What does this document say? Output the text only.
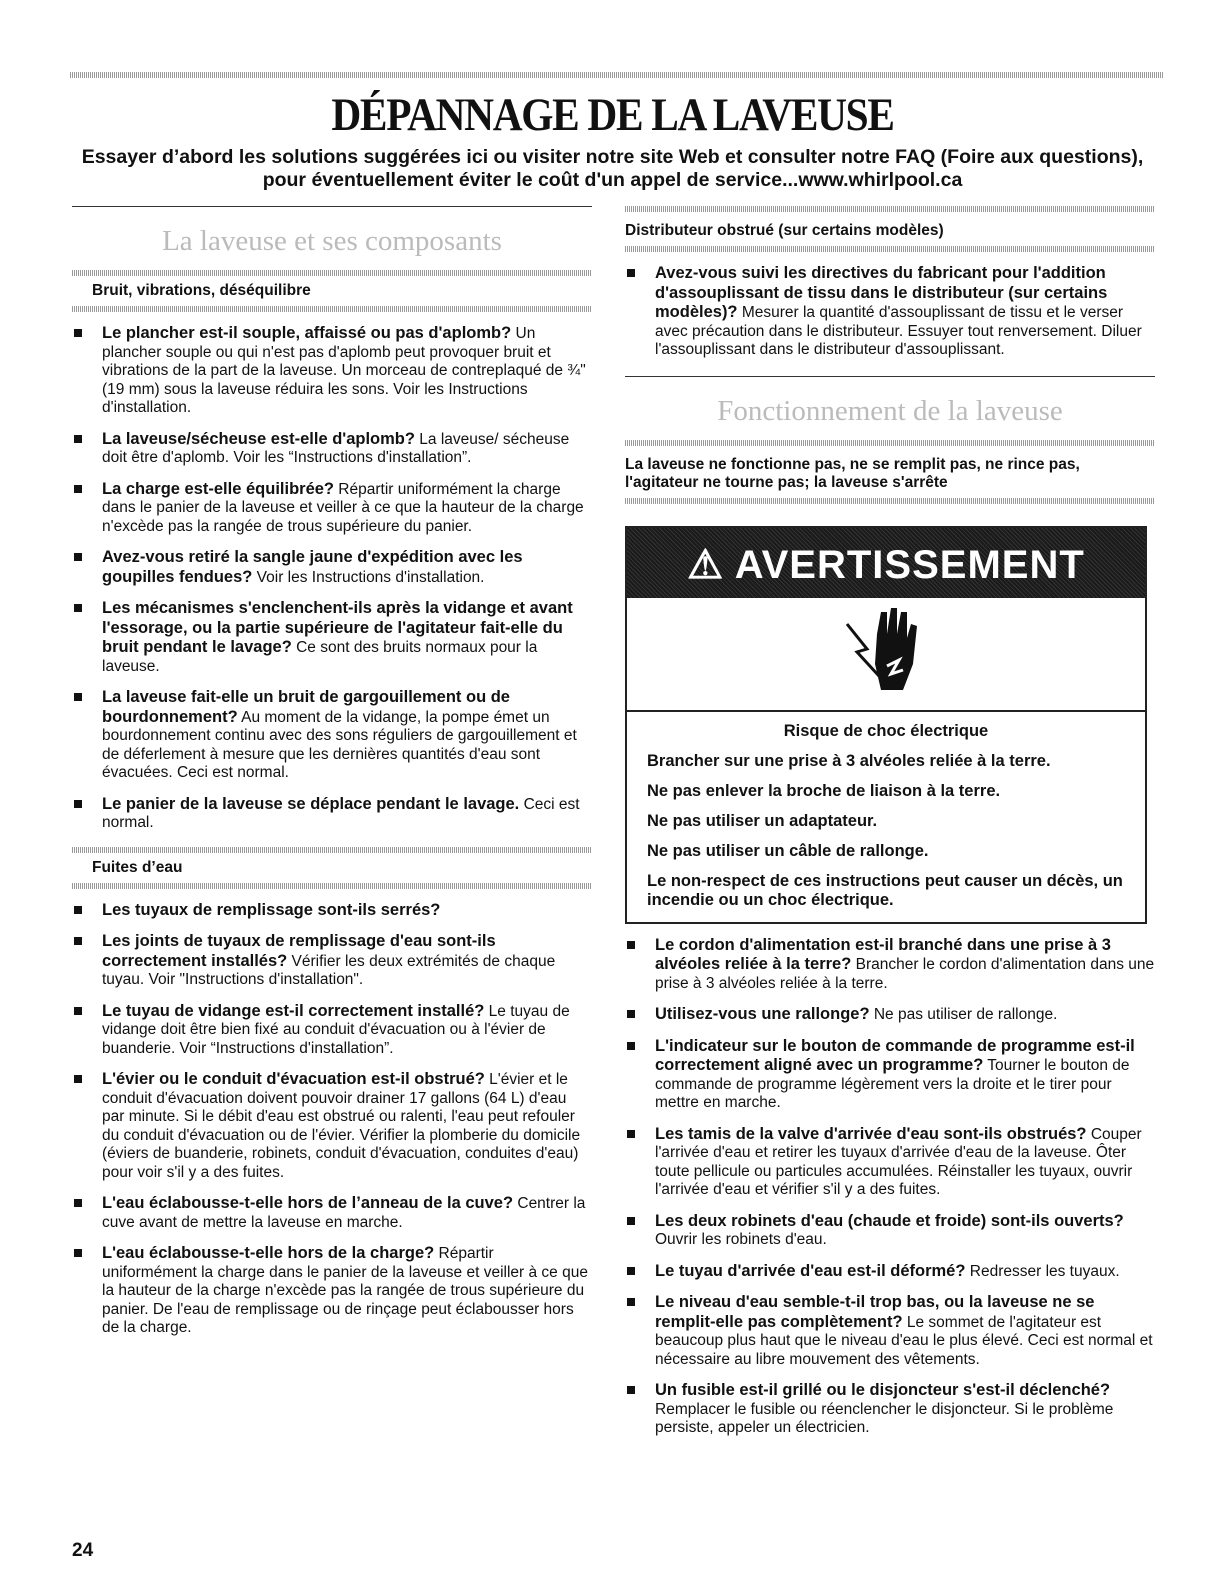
DÉPANNAGE DE LA LAVEUSE
Essayer d’abord les solutions suggérées ici ou visiter notre site Web et consulter notre FAQ (Foire aux questions),
pour éventuellement éviter le coût d'un appel de service...www.whirlpool.ca
La laveuse et ses composants
Bruit, vibrations, déséquilibre
Le plancher est-il souple, affaissé ou pas d'aplomb? Un plancher souple ou qui n'est pas d'aplomb peut provoquer bruit et vibrations de la part de la laveuse. Un morceau de contreplaqué de ¾" (19 mm) sous la laveuse réduira les sons. Voir les Instructions d'installation.
La laveuse/sécheuse est-elle d'aplomb? La laveuse/ sécheuse doit être d'aplomb. Voir les “Instructions d'installation”.
La charge est-elle équilibrée? Répartir uniformément la charge dans le panier de la laveuse et veiller à ce que la hauteur de la charge n'excède pas la rangée de trous supérieure du panier.
Avez-vous retiré la sangle jaune d'expédition avec les goupilles fendues? Voir les Instructions d'installation.
Les mécanismes s'enclenchent-ils après la vidange et avant l'essorage, ou la partie supérieure de l'agitateur fait-elle du bruit pendant le lavage? Ce sont des bruits normaux pour la laveuse.
La laveuse fait-elle un bruit de gargouillement ou de bourdonnement? Au moment de la vidange, la pompe émet un bourdonnement continu avec des sons réguliers de gargouillement et de déferlement à mesure que les dernières quantités d'eau sont évacuées. Ceci est normal.
Le panier de la laveuse se déplace pendant le lavage. Ceci est normal.
Fuites d’eau
Les tuyaux de remplissage sont-ils serrés?
Les joints de tuyaux de remplissage d'eau sont-ils correctement installés? Vérifier les deux extrémités de chaque tuyau. Voir "Instructions d'installation".
Le tuyau de vidange est-il correctement installé? Le tuyau de vidange doit être bien fixé au conduit d'évacuation ou à l'évier de buanderie. Voir “Instructions d'installation”.
L'évier ou le conduit d'évacuation est-il obstrué? L'évier et le conduit d'évacuation doivent pouvoir drainer 17 gallons (64 L) d'eau par minute. Si le débit d'eau est obstrué ou ralenti, l'eau peut refouler du conduit d'évacuation ou de l'évier. Vérifier la plomberie du domicile (éviers de buanderie, robinets, conduit d'évacuation, conduites d'eau) pour voir s'il y a des fuites.
L'eau éclabousse-t-elle hors de l’anneau de la cuve? Centrer la cuve avant de mettre la laveuse en marche.
L'eau éclabousse-t-elle hors de la charge? Répartir uniformément la charge dans le panier de la laveuse et veiller à ce que la hauteur de la charge n'excède pas la rangée de trous supérieure du panier. De l'eau de remplissage ou de rinçage peut éclabousser hors de la charge.
Distributeur obstrué (sur certains modèles)
Avez-vous suivi les directives du fabricant pour l'addition d'assouplissant de tissu dans le distributeur (sur certains modèles)? Mesurer la quantité d'assouplissant de tissu et le verser avec précaution dans le distributeur. Essuyer tout renversement. Diluer l'assouplissant dans le distributeur d'assouplissant.
Fonctionnement de la laveuse
La laveuse ne fonctionne pas, ne se remplit pas, ne rince pas, l'agitateur ne tourne pas; la laveuse s'arrête
⚠ AVERTISSEMENT
Risque de choc électrique
Brancher sur une prise à 3 alvéoles reliée à la terre.
Ne pas enlever la broche de liaison à la terre.
Ne pas utiliser un adaptateur.
Ne pas utiliser un câble de rallonge.
Le non-respect de ces instructions peut causer un décès, un incendie ou un choc électrique.
Le cordon d'alimentation est-il branché dans une prise à 3 alvéoles reliée à la terre? Brancher le cordon d'alimentation dans une prise à 3 alvéoles reliée à la terre.
Utilisez-vous une rallonge? Ne pas utiliser de rallonge.
L'indicateur sur le bouton de commande de programme est-il correctement aligné avec un programme? Tourner le bouton de commande de programme légèrement vers la droite et le tirer pour mettre en marche.
Les tamis de la valve d'arrivée d'eau sont-ils obstrués? Couper l'arrivée d'eau et retirer les tuyaux d'arrivée d'eau de la laveuse. Ôter toute pellicule ou particules accumulées. Réinstaller les tuyaux, ouvrir l'arrivée d'eau et vérifier s'il y a des fuites.
Les deux robinets d'eau (chaude et froide) sont-ils ouverts? Ouvrir les robinets d'eau.
Le tuyau d'arrivée d'eau est-il déformé? Redresser les tuyaux.
Le niveau d'eau semble-t-il trop bas, ou la laveuse ne se remplit-elle pas complètement? Le sommet de l'agitateur est beaucoup plus haut que le niveau d'eau le plus élevé. Ceci est normal et nécessaire au libre mouvement des vêtements.
Un fusible est-il grillé ou le disjoncteur s'est-il déclenché? Remplacer le fusible ou réenclencher le disjoncteur. Si le problème persiste, appeler un électricien.
24
